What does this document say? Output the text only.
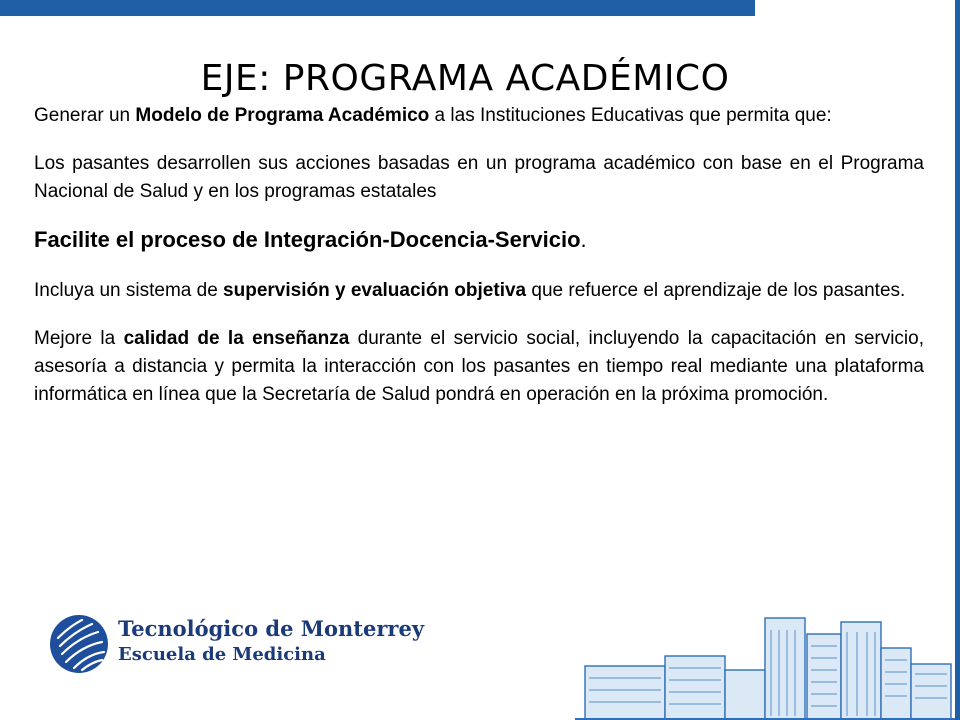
EJE: PROGRAMA ACADÉMICO

Generar un Modelo de Programa Académico a las Instituciones Educativas que permita que:

Los pasantes desarrollen sus acciones basadas en un programa académico con base en el Programa Nacional de Salud y en los programas estatales

Facilite el proceso de Integración-Docencia-Servicio.

Incluya un sistema de supervisión y evaluación objetiva que refuerce el aprendizaje de los pasantes.

Mejore la calidad de la enseñanza durante el servicio social, incluyendo la capacitación en servicio, asesoría a distancia y permita la interacción con los pasantes en tiempo real mediante una plataforma informática en línea que la Secretaría de Salud pondrá en operación en la próxima promoción.

Tecnológico de Monterrey
Escuela de Medicina
